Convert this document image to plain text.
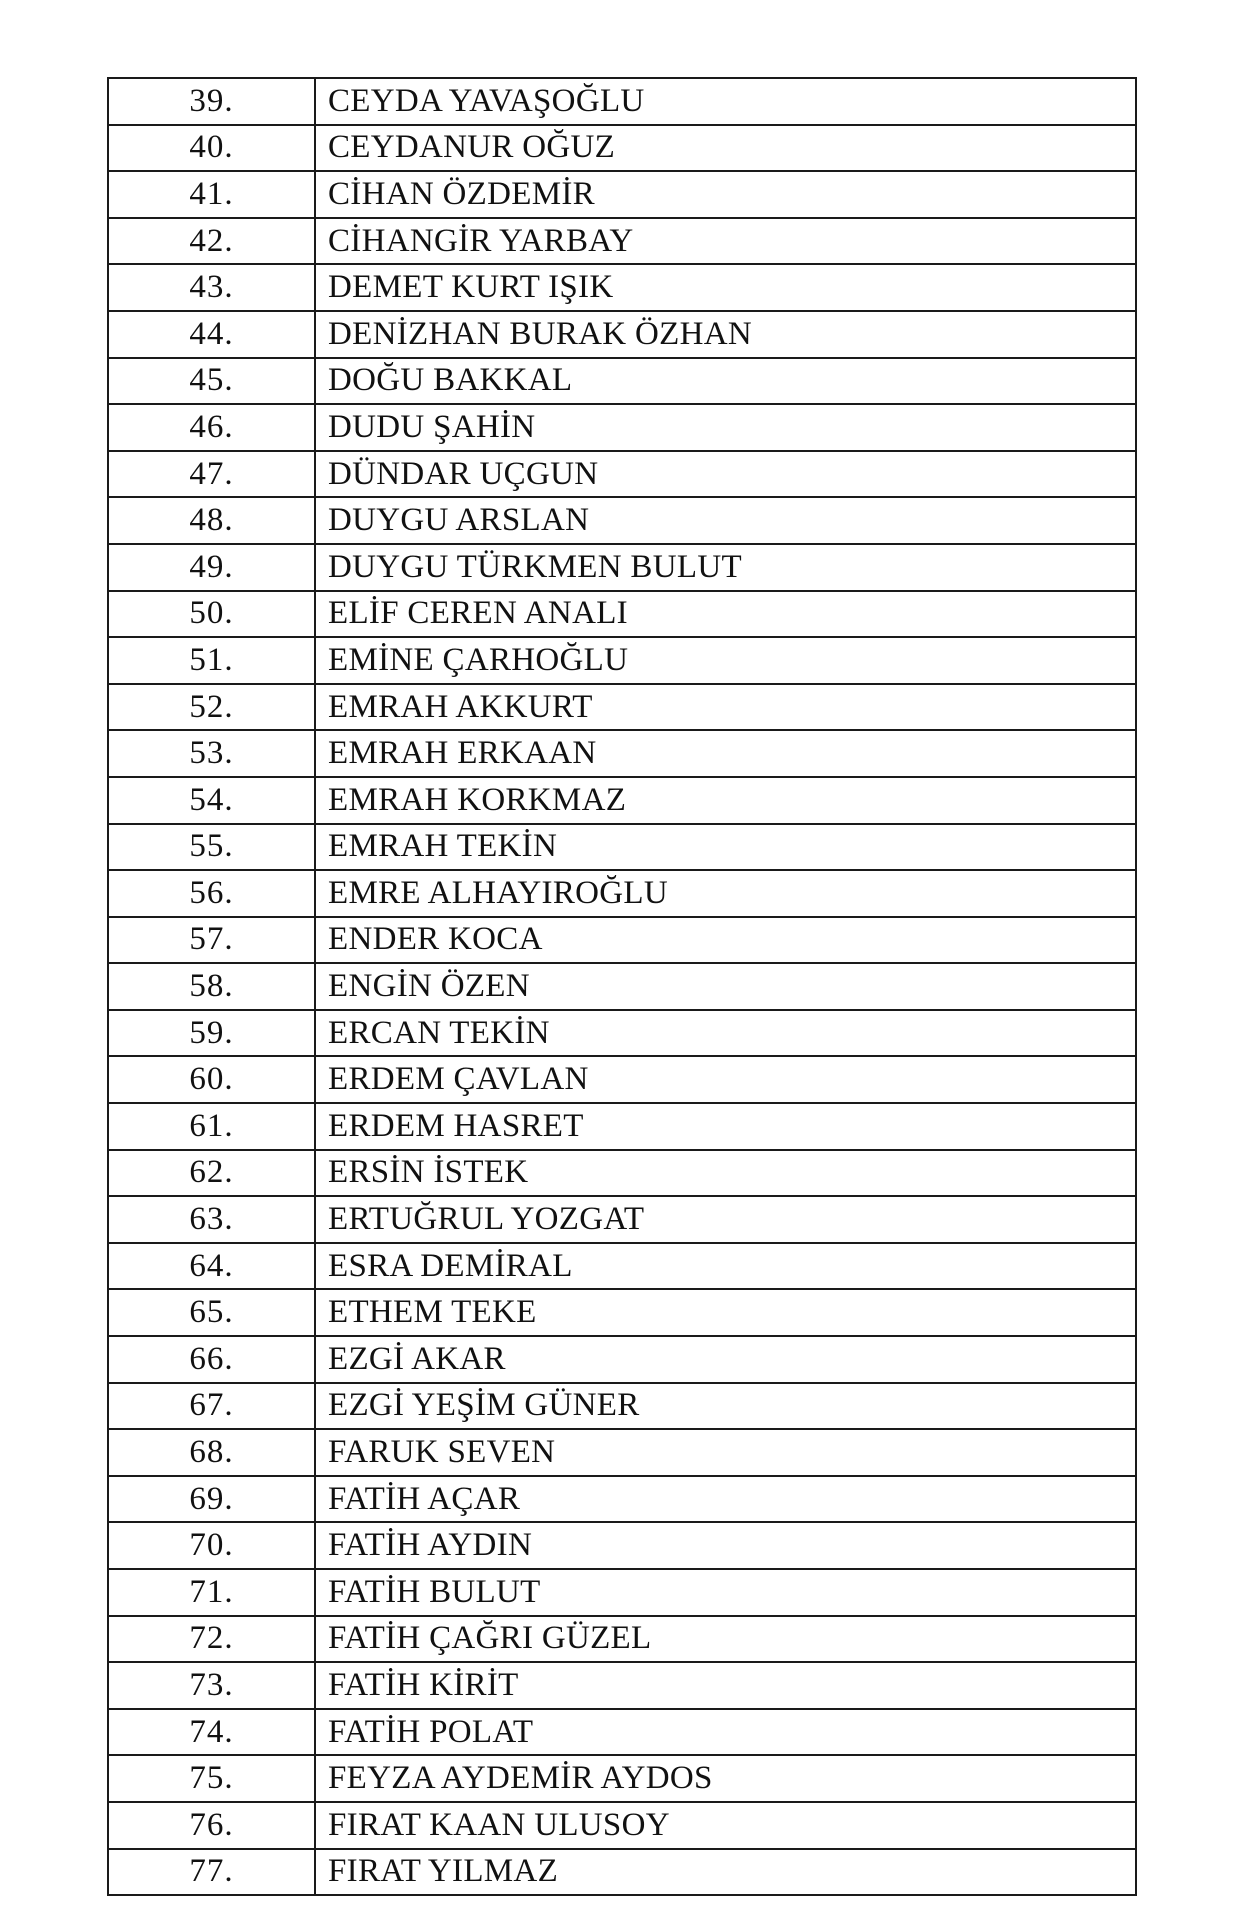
39.	CEYDA YAVAŞOĞLU
40.	CEYDANUR OĞUZ
41.	CİHAN ÖZDEMİR
42.	CİHANGİR YARBAY
43.	DEMET KURT IŞIK
44.	DENİZHAN BURAK ÖZHAN
45.	DOĞU BAKKAL
46.	DUDU ŞAHİN
47.	DÜNDAR UÇGUN
48.	DUYGU ARSLAN
49.	DUYGU TÜRKMEN BULUT
50.	ELİF CEREN ANALI
51.	EMİNE ÇARHOĞLU
52.	EMRAH AKKURT
53.	EMRAH ERKAAN
54.	EMRAH KORKMAZ
55.	EMRAH TEKİN
56.	EMRE ALHAYIROĞLU
57.	ENDER KOCA
58.	ENGİN ÖZEN
59.	ERCAN TEKİN
60.	ERDEM ÇAVLAN
61.	ERDEM HASRET
62.	ERSİN İSTEK
63.	ERTUĞRUL YOZGAT
64.	ESRA DEMİRAL
65.	ETHEM TEKE
66.	EZGİ AKAR
67.	EZGİ YEŞİM GÜNER
68.	FARUK SEVEN
69.	FATİH AÇAR
70.	FATİH AYDIN
71.	FATİH BULUT
72.	FATİH ÇAĞRI GÜZEL
73.	FATİH KİRİT
74.	FATİH POLAT
75.	FEYZA AYDEMİR AYDOS
76.	FIRAT KAAN ULUSOY
77.	FIRAT YILMAZ
